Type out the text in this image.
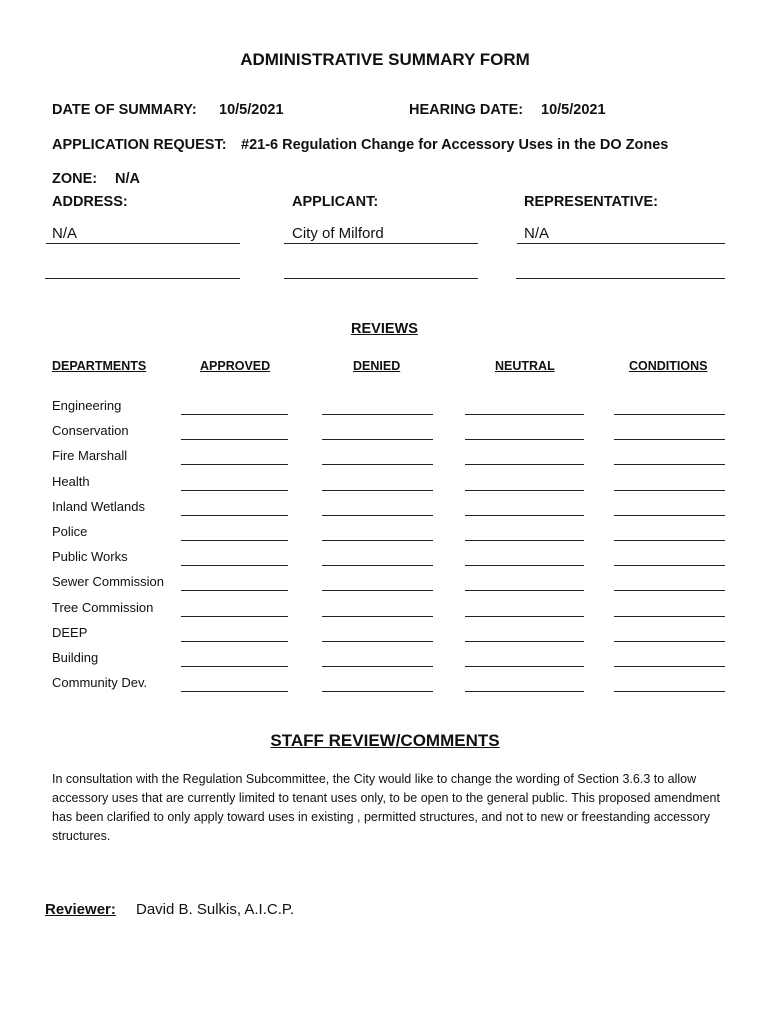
ADMINISTRATIVE SUMMARY FORM
DATE OF SUMMARY: 10/5/2021	HEARING DATE: 10/5/2021
APPLICATION REQUEST: #21-6 Regulation Change for Accessory Uses in the DO Zones
ZONE: N/A
ADDRESS:	APPLICANT:	REPRESENTATIVE:
N/A	City of Milford	N/A
REVIEWS
DEPARTMENTS	APPROVED	DENIED	NEUTRAL	CONDITIONS
Engineering
Conservation
Fire Marshall
Health
Inland Wetlands
Police
Public Works
Sewer Commission
Tree Commission
DEEP
Building
Community Dev.
STAFF REVIEW/COMMENTS
In consultation with the Regulation Subcommittee, the City would like to change the wording of Section 3.6.3 to allow accessory uses that are currently limited to tenant uses only, to be open to the general public. This proposed amendment has been clarified to only apply toward uses in existing , permitted structures, and not to new or freestanding accessory structures.
Reviewer: David B. Sulkis, A.I.C.P.
